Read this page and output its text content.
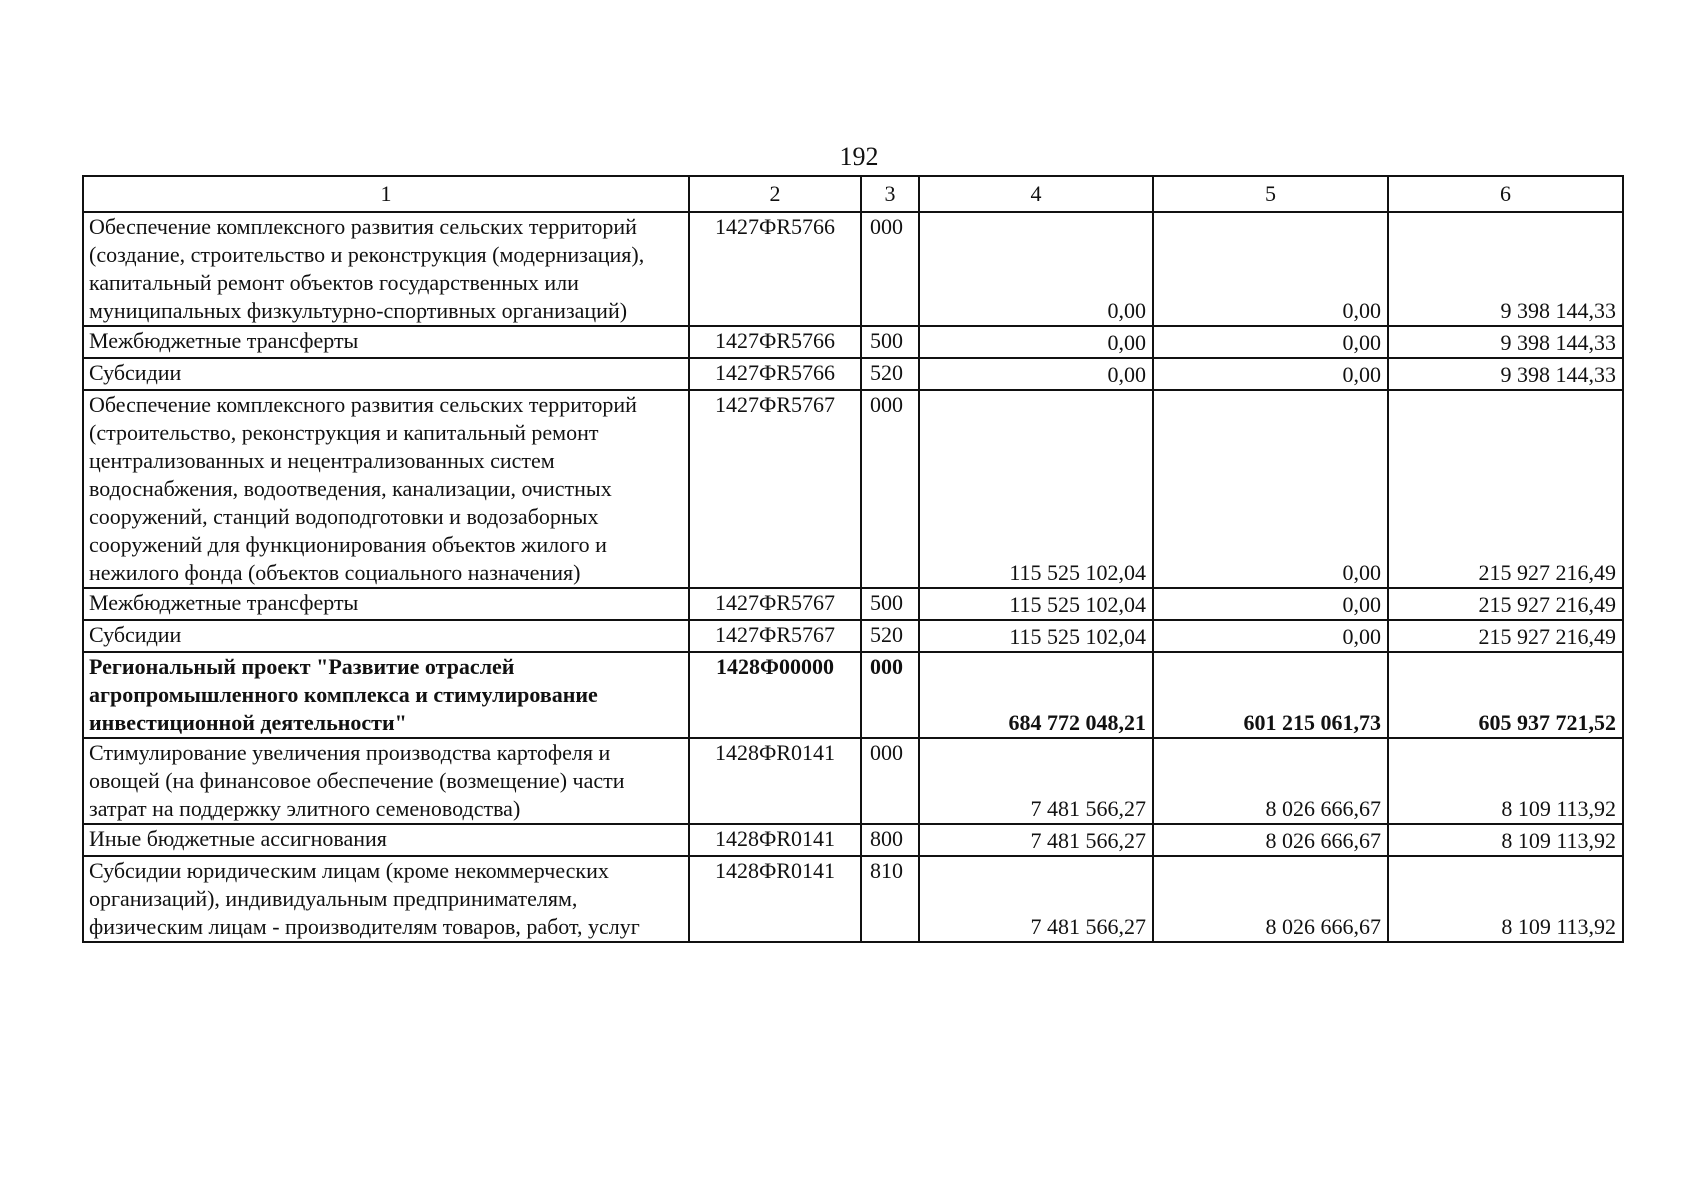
192
1	2	3	4	5	6
Обеспечение комплексного развития сельских территорий (создание, строительство и реконструкция (модернизация), капитальный ремонт объектов государственных или муниципальных физкультурно-спортивных организаций)	1427ФR5766	000	0,00	0,00	9 398 144,33
Межбюджетные трансферты	1427ФR5766	500	0,00	0,00	9 398 144,33
Субсидии	1427ФR5766	520	0,00	0,00	9 398 144,33
Обеспечение комплексного развития сельских территорий (строительство, реконструкция и капитальный ремонт централизованных и нецентрализованных систем водоснабжения, водоотведения, канализации, очистных сооружений, станций водоподготовки и водозаборных сооружений для функционирования объектов жилого и нежилого фонда (объектов социального назначения)	1427ФR5767	000	115 525 102,04	0,00	215 927 216,49
Межбюджетные трансферты	1427ФR5767	500	115 525 102,04	0,00	215 927 216,49
Субсидии	1427ФR5767	520	115 525 102,04	0,00	215 927 216,49
Региональный проект "Развитие отраслей агропромышленного комплекса и стимулирование инвестиционной деятельности"	1428Ф00000	000	684 772 048,21	601 215 061,73	605 937 721,52
Стимулирование увеличения производства картофеля и овощей (на финансовое обеспечение (возмещение) части затрат на поддержку элитного семеноводства)	1428ФR0141	000	7 481 566,27	8 026 666,67	8 109 113,92
Иные бюджетные ассигнования	1428ФR0141	800	7 481 566,27	8 026 666,67	8 109 113,92
Субсидии юридическим лицам (кроме некоммерческих организаций), индивидуальным предпринимателям, физическим лицам - производителям товаров, работ, услуг	1428ФR0141	810	7 481 566,27	8 026 666,67	8 109 113,92
